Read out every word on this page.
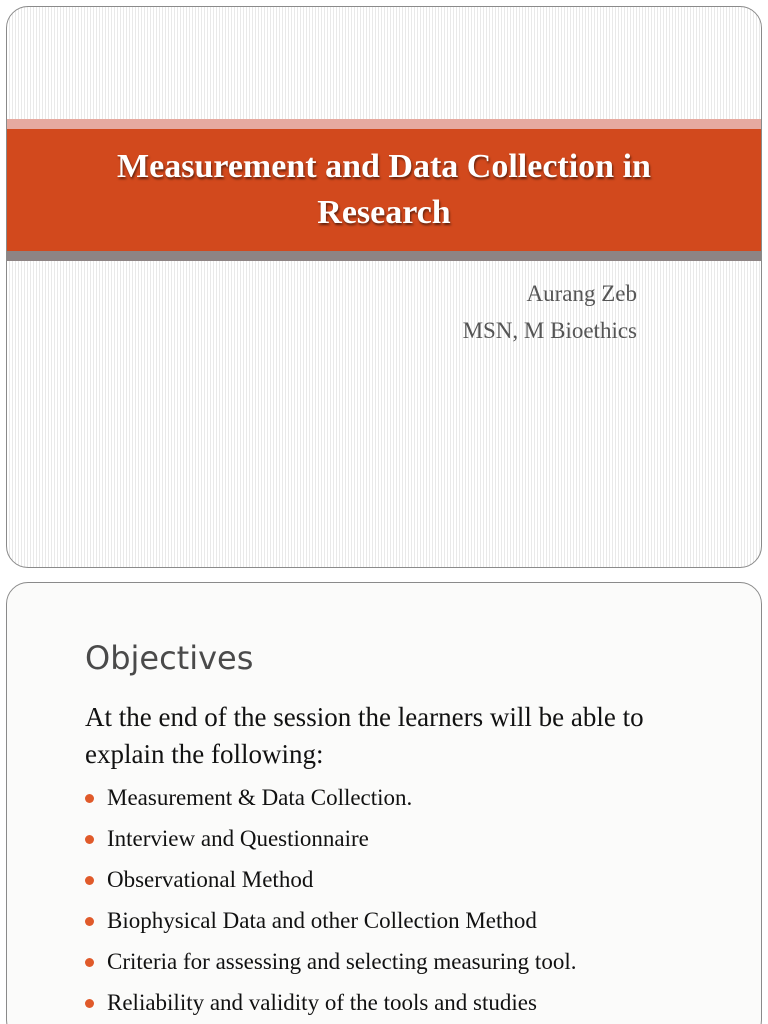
Measurement and Data Collection in
Research
Aurang Zeb
MSN, M Bioethics
Objectives

At the end of the session the learners will be able to explain the following:

Measurement & Data Collection.
Interview and Questionnaire
Observational Method
Biophysical Data and other Collection Method
Criteria for assessing and selecting measuring tool.
Reliability and validity of the tools and studies
